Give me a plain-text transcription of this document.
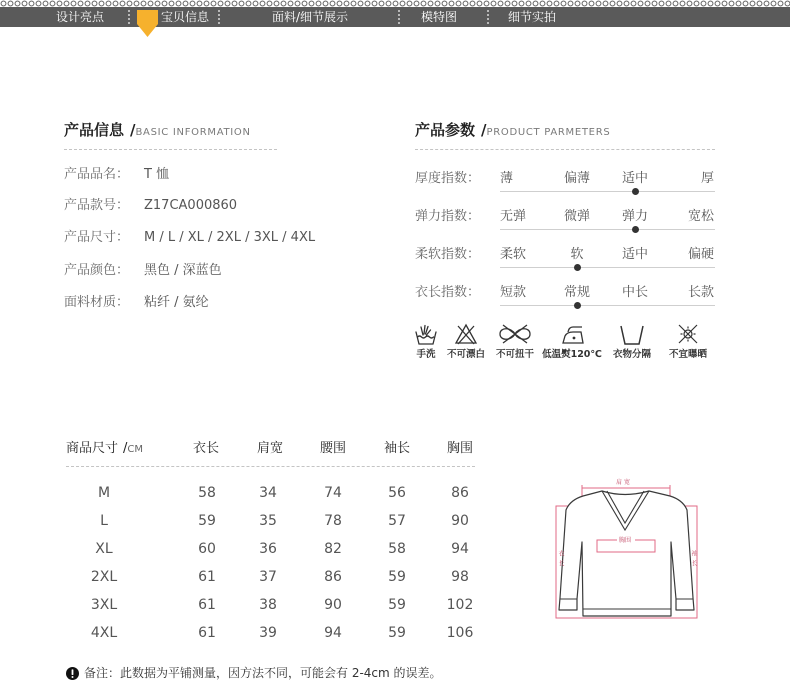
设计亮点	宝贝信息	面料/细节展示	模特图	细节实拍
产品信息 /BASIC INFORMATION
产品品名： T 恤
产品款号： Z17CA000860
产品尺寸： M / L / XL / 2XL / 3XL / 4XL
产品颜色： 黑色 / 深蓝色
面料材质： 粘纤 / 氨纶
产品参数 /PRODUCT PARMETERS
厚度指数： 薄	偏薄	适中	厚
弹力指数： 无弹	微弹	弹力	宽松
柔软指数： 柔软	软	适中	偏硬
衣长指数： 短款	常规	中长	长款
手洗	不可漂白	不可扭干 低温熨120℃	衣物分隔	不宜曝晒
商品尺寸 /CM	衣长	肩宽	腰围	袖长	胸围
M	58	34	74	56	86
L	59	35	78	57	90
XL	60	36	82	58	94
2XL	61	37	86	59	98
3XL	61	38	90	59	102
4XL	61	39	94	59	106
肩宽
胸围
衣长	袖长
备注：此数据为平铺测量，因方法不同，可能会有 2-4cm 的误差。
